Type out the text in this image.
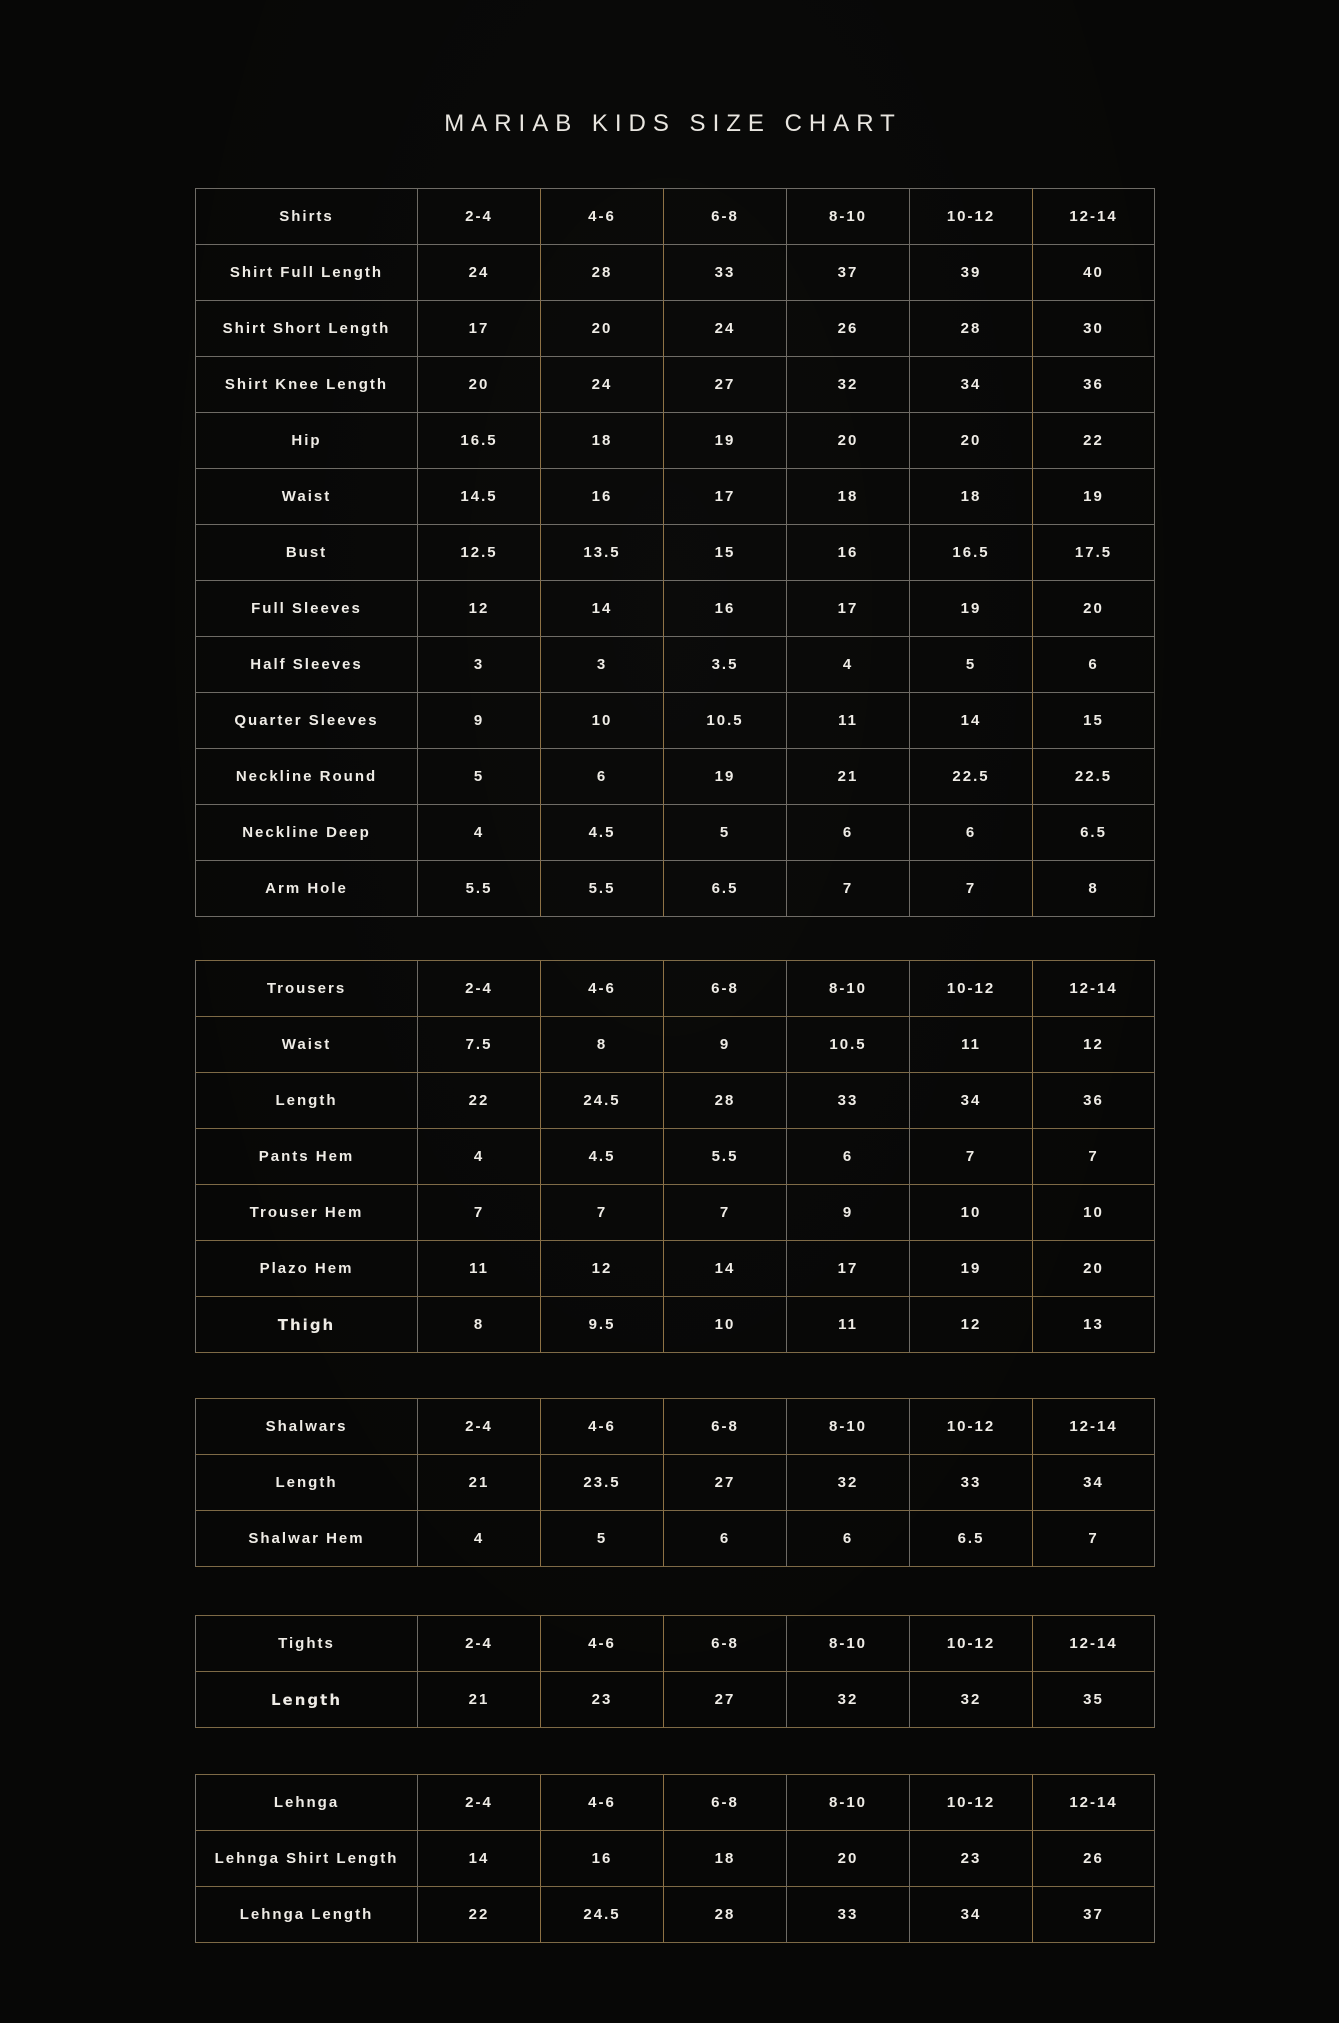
MARIAB KIDS SIZE CHART
Shirts	2-4	4-6	6-8	8-10	10-12	12-14
Shirt Full Length	24	28	33	37	39	40
Shirt Short Length	17	20	24	26	28	30
Shirt Knee Length	20	24	27	32	34	36
Hip	16.5	18	19	20	20	22
Waist	14.5	16	17	18	18	19
Bust	12.5	13.5	15	16	16.5	17.5
Full Sleeves	12	14	16	17	19	20
Half Sleeves	3	3	3.5	4	5	6
Quarter Sleeves	9	10	10.5	11	14	15
Neckline Round	5	6	19	21	22.5	22.5
Neckline Deep	4	4.5	5	6	6	6.5
Arm Hole	5.5	5.5	6.5	7	7	8
Trousers	2-4	4-6	6-8	8-10	10-12	12-14
Waist	7.5	8	9	10.5	11	12
Length	22	24.5	28	33	34	36
Pants Hem	4	4.5	5.5	6	7	7
Trouser Hem	7	7	7	9	10	10
Plazo Hem	11	12	14	17	19	20
Thigh	8	9.5	10	11	12	13
Shalwars	2-4	4-6	6-8	8-10	10-12	12-14
Length	21	23.5	27	32	33	34
Shalwar Hem	4	5	6	6	6.5	7
Tights	2-4	4-6	6-8	8-10	10-12	12-14
Length	21	23	27	32	32	35
Lehnga	2-4	4-6	6-8	8-10	10-12	12-14
Lehnga Shirt Length	14	16	18	20	23	26
Lehnga Length	22	24.5	28	33	34	37
